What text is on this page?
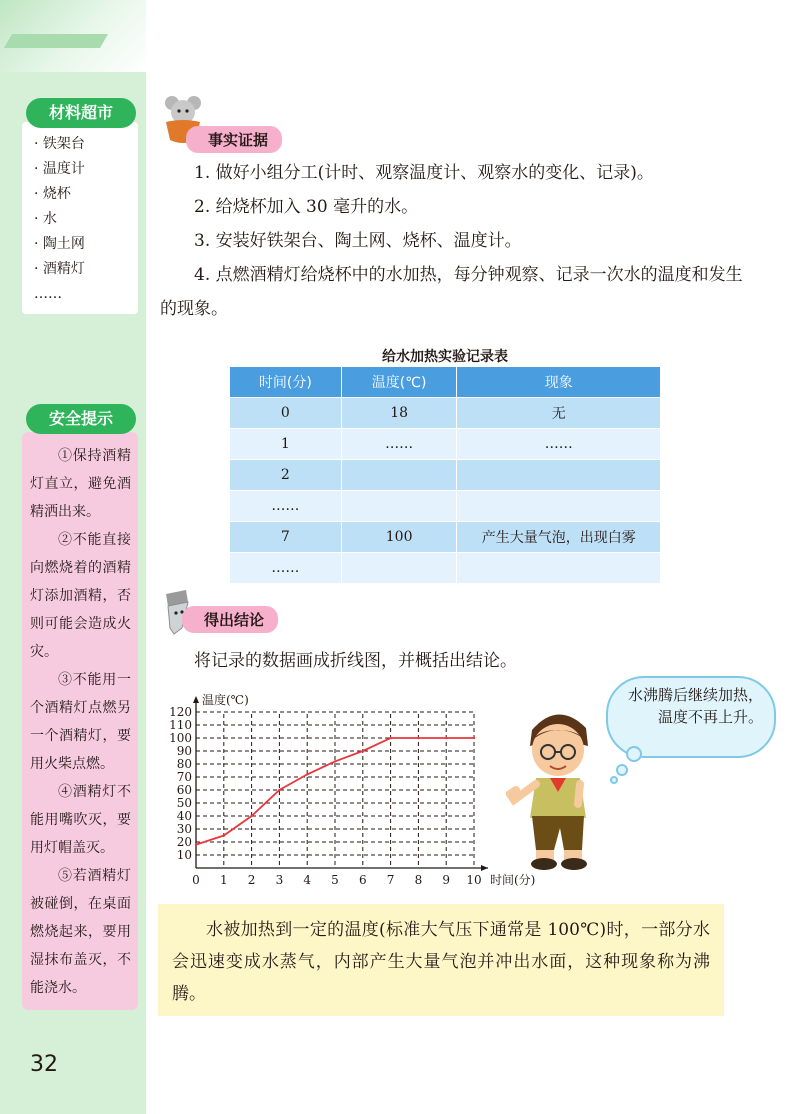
· 铁架台
· 温度计
· 烧杯
· 水
· 陶土网
· 酒精灯
……
材料超市

①保持酒精灯直立，避免酒精洒出来。

②不能直接向燃烧着的酒精灯添加酒精，否则可能会造成火灾。

③不能用一个酒精灯点燃另一个酒精灯，要用火柴点燃。

④酒精灯不能用嘴吹灭，要用灯帽盖灭。

⑤若酒精灯被碰倒，在桌面燃烧起来，要用湿抹布盖灭，不能浇水。

安全提示
32
事实证据

1. 做好小组分工(计时、观察温度计、观察水的变化、记录)。

2. 给烧杯加入 30 毫升的水。

3. 安装好铁架台、陶土网、烧杯、温度计。

4. 点燃酒精灯给烧杯中的水加热，每分钟观察、记录一次水的温度和发生的现象。

给水加热实验记录表
时间(分)	温度(℃)	现象
0	18	无
1	……	……
2		
……		
7	100	产生大量气泡，出现白雾
……		
得出结论

将记录的数据画成折线图，并概括出结论。

0 1 2 3 4 5 6 7 8 9 10
10
20
30
40
50
60
70
80
90
100
110
120
温度(℃)
时间(分)
水沸腾后继续加热，温度不再上升。

水被加热到一定的温度(标准大气压下通常是 100℃)时，一部分水会迅速变成水蒸气，内部产生大量气泡并冲出水面，这种现象称为沸腾。
